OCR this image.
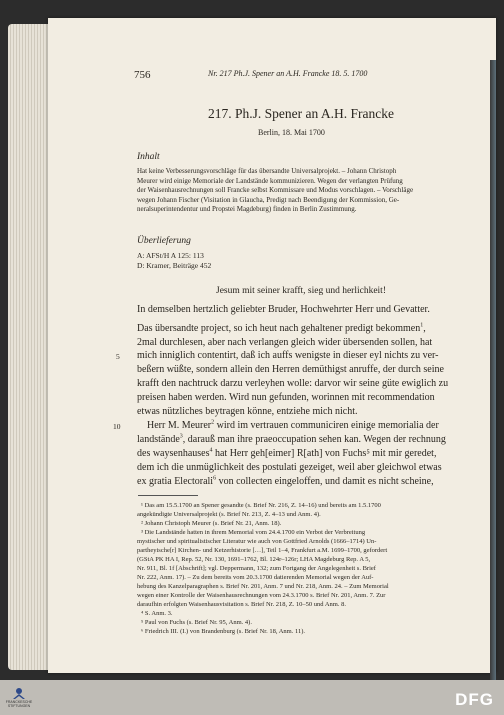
756	Nr. 217 Ph.J. Spener an A.H. Francke 18. 5. 1700
217. Ph.J. Spener an A.H. Francke
Berlin, 18. Mai 1700
Inhalt
Hat keine Verbesserungsvorschläge für das übersandte Universalprojekt. – Johann Christoph
Meurer wird einige Memoriale der Landstände kommunizieren. Wegen der verlangten Prüfung
der Waisenhausrechnungen soll Francke selbst Kommissare und Modus vorschlagen. – Vorschläge
wegen Johann Fischer (Visitation in Glaucha, Predigt nach Beendigung der Kommission, Ge-
neralsuperintendentur und Propstei Magdeburg) finden in Berlin Zustimmung.
Überlieferung
A: AFSt/H A 125: 113
D: Kramer, Beiträge 452
Jesum mit seiner krafft, sieg und herlichkeit!
In demselben hertzlich geliebter Bruder, Hochwehrter Herr und Gevatter.
Das übersandte project, so ich heut nach gehaltener predigt bekommen$^1$,
2mal durchlesen, aber nach verlangen gleich wider übersenden sollen, hat
5 mich inniglich contentirt, daß ich auffs wenigste in dieser eyl nichts zu ver-
beßern wüßte, sondern allein den Herren demüthigst anruffe, der durch seine
krafft den nachtruck darzu verleyhen wolle: darvor wir seine güte ewiglich zu
preisen haben werden. Wird nun gefunden, worinnen mit recommendation
etwas nützliches beytragen könne, entziehe mich nicht.
10	Herr M. Meurer$^2$ wird im vertrauen communiciren einige memorialia der
landstände$^3$, darauß man ihre praeoccupation sehen kan. Wegen der rechnung
des waysenhauses$^4$ hat Herr geh[eimer] R[ath] von Fuchs⁵ mit mir geredet,
dem ich die unmüglichkeit des postulati gezeiget, weil aber gleichwol etwas
ex gratia Electorali$^6$ von collecten eingeloffen, und damit es nicht scheine,
¹ Das am 15.5.1700 an Spener gesandte (s. Brief Nr. 216, Z. 14–16) und bereits am 1.5.1700
angekündigte Universalprojekt (s. Brief Nr. 213, Z. 4–13 und Anm. 4).
² Johann Christoph Meurer (s. Brief Nr. 21, Anm. 18).
³ Die Landstände hatten in ihrem Memorial vom 24.4.1700 ein Verbot der Verbreitung
mystischer und spiritualistischer Literatur wie auch von Gottfried Arnolds (1666–1714) Un-
partheyische[r] Kirchen- und Ketzerhistorie […], Teil 1–4, Frankfurt a.M. 1699–1700, gefordert
(GStA PK HA I, Rep. 52, Nr. 130, 1691–1762, Bl. 124r–126r; LHA Magdeburg Rep. A 5,
Nr. 911, Bl. 1f [Abschrift]; vgl. Deppermann, 132; zum Fortgang der Angelegenheit s. Brief
Nr. 222, Anm. 17). – Zu dem bereits vom 20.3.1700 datierenden Memorial wegen der Auf-
hebung des Kanzelparagraphen s. Brief Nr. 201, Anm. 7 und Nr. 218, Anm. 24. – Zum Memorial
wegen einer Kontrolle der Waisenhausrechnungen vom 24.3.1700 s. Brief Nr. 201, Anm. 7. Zur
daraufhin erfolgten Waisenhausvisitation s. Brief Nr. 218, Z. 10–50 und Anm. 8.
⁴ S. Anm. 3.
⁵ Paul von Fuchs (s. Brief Nr. 95, Anm. 4).
⁶ Friedrich III. (I.) von Brandenburg (s. Brief Nr. 18, Anm. 11).
FRANCKESCHE STIFTUNGEN	DFG
